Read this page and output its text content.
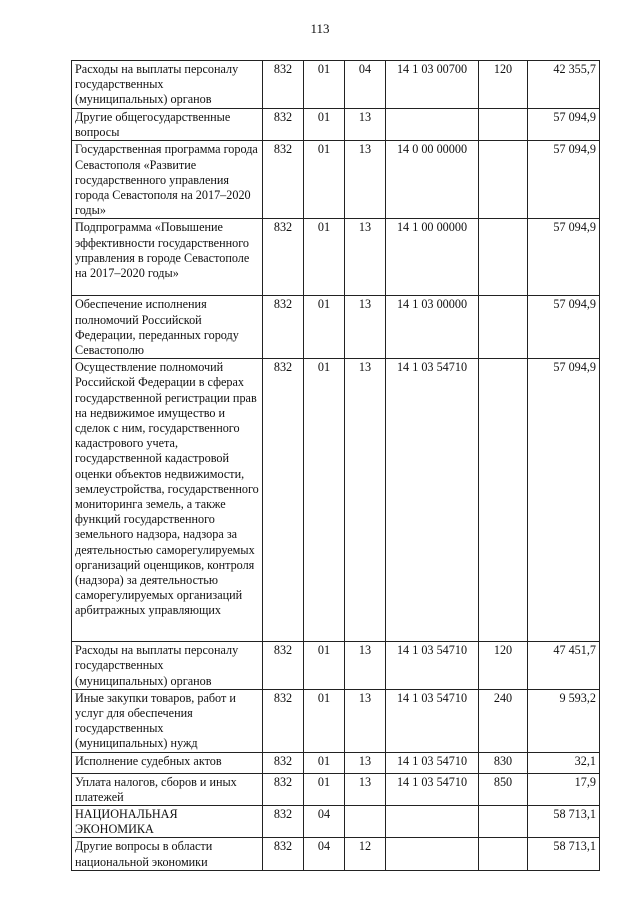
113
Расходы на выплаты персоналу государственных (муниципальных) органов	832	01	04	14 1 03 00700	120	42 355,7
Другие общегосударственные вопросы	832	01	13			57 094,9
Государственная программа города Севастополя «Развитие государственного управления города Севастополя на 2017–2020 годы»	832	01	13	14 0 00 00000		57 094,9
Подпрограмма «Повышение эффективности государственного управления в городе Севастополе на 2017–2020 годы»	832	01	13	14 1 00 00000		57 094,9
Обеспечение исполнения полномочий Российской Федерации, переданных городу Севастополю	832	01	13	14 1 03 00000		57 094,9
Осуществление полномочий Российской Федерации в сферах государственной регистрации прав на недвижимое имущество и сделок с ним, государственного кадастрового учета, государственной кадастровой оценки объектов недвижимости, землеустройства, государственного мониторинга земель, а также функций государственного земельного надзора, надзора за деятельностью саморегулируемых организаций оценщиков, контроля (надзора) за деятельностью саморегулируемых организаций арбитражных управляющих	832	01	13	14 1 03 54710		57 094,9
Расходы на выплаты персоналу государственных (муниципальных) органов	832	01	13	14 1 03 54710	120	47 451,7
Иные закупки товаров, работ и услуг для обеспечения государственных (муниципальных) нужд	832	01	13	14 1 03 54710	240	9 593,2
Исполнение судебных актов	832	01	13	14 1 03 54710	830	32,1
Уплата налогов, сборов и иных платежей	832	01	13	14 1 03 54710	850	17,9
НАЦИОНАЛЬНАЯ ЭКОНОМИКА	832	04				58 713,1
Другие вопросы в области национальной экономики	832	04	12			58 713,1
